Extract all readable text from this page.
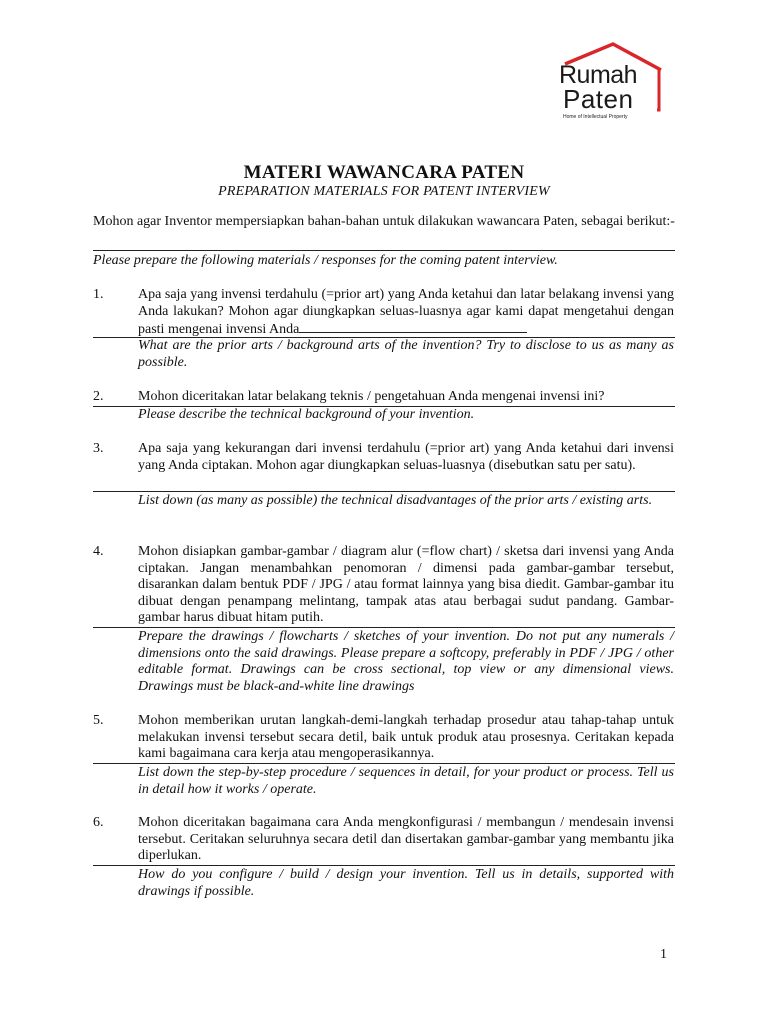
Rumah
Paten
Home of Intellectual Property
MATERI WAWANCARA PATEN
PREPARATION MATERIALS FOR PATENT INTERVIEW

Mohon agar Inventor mempersiapkan bahan-bahan untuk dilakukan wawancara Paten, sebagai berikut:-

Please prepare the following materials / responses for the coming patent interview.

1. Apa saja yang invensi terdahulu (=prior art) yang Anda ketahui dan latar belakang invensi yang Anda lakukan? Mohon agar diungkapkan seluas-luasnya agar kami dapat mengetahui dengan pasti mengenai invensi Anda

What are the prior arts / background arts of the invention? Try to disclose to us as many as possible.

2. Mohon diceritakan latar belakang teknis / pengetahuan Anda mengenai invensi ini?

Please describe the technical background of your invention.

3. Apa saja yang kekurangan dari invensi terdahulu (=prior art) yang Anda ketahui dari invensi yang Anda ciptakan. Mohon agar diungkapkan seluas-luasnya (disebutkan satu per satu).

List down (as many as possible) the technical disadvantages of the prior arts / existing arts.

4. Mohon disiapkan gambar-gambar / diagram alur (=flow chart) / sketsa dari invensi yang Anda ciptakan. Jangan menambahkan penomoran / dimensi pada gambar-gambar tersebut, disarankan dalam bentuk PDF / JPG / atau format lainnya yang bisa diedit. Gambar-gambar itu dibuat dengan penampang melintang, tampak atas atau berbagai sudut pandang. Gambar-gambar harus dibuat hitam putih.

Prepare the drawings / flowcharts / sketches of your invention. Do not put any numerals / dimensions onto the said drawings. Please prepare a softcopy, preferably in PDF / JPG / other editable format. Drawings can be cross sectional, top view or any dimensional views. Drawings must be black-and-white line drawings

5. Mohon memberikan urutan langkah-demi-langkah terhadap prosedur atau tahap-tahap untuk melakukan invensi tersebut secara detil, baik untuk produk atau prosesnya. Ceritakan kepada kami bagaimana cara kerja atau mengoperasikannya.

List down the step-by-step procedure / sequences in detail, for your product or process. Tell us in detail how it works / operate.

6. Mohon diceritakan bagaimana cara Anda mengkonfigurasi / membangun / mendesain invensi tersebut. Ceritakan seluruhnya secara detil dan disertakan gambar-gambar yang membantu jika diperlukan.

How do you configure / build / design your invention. Tell us in details, supported with drawings if possible.

1
